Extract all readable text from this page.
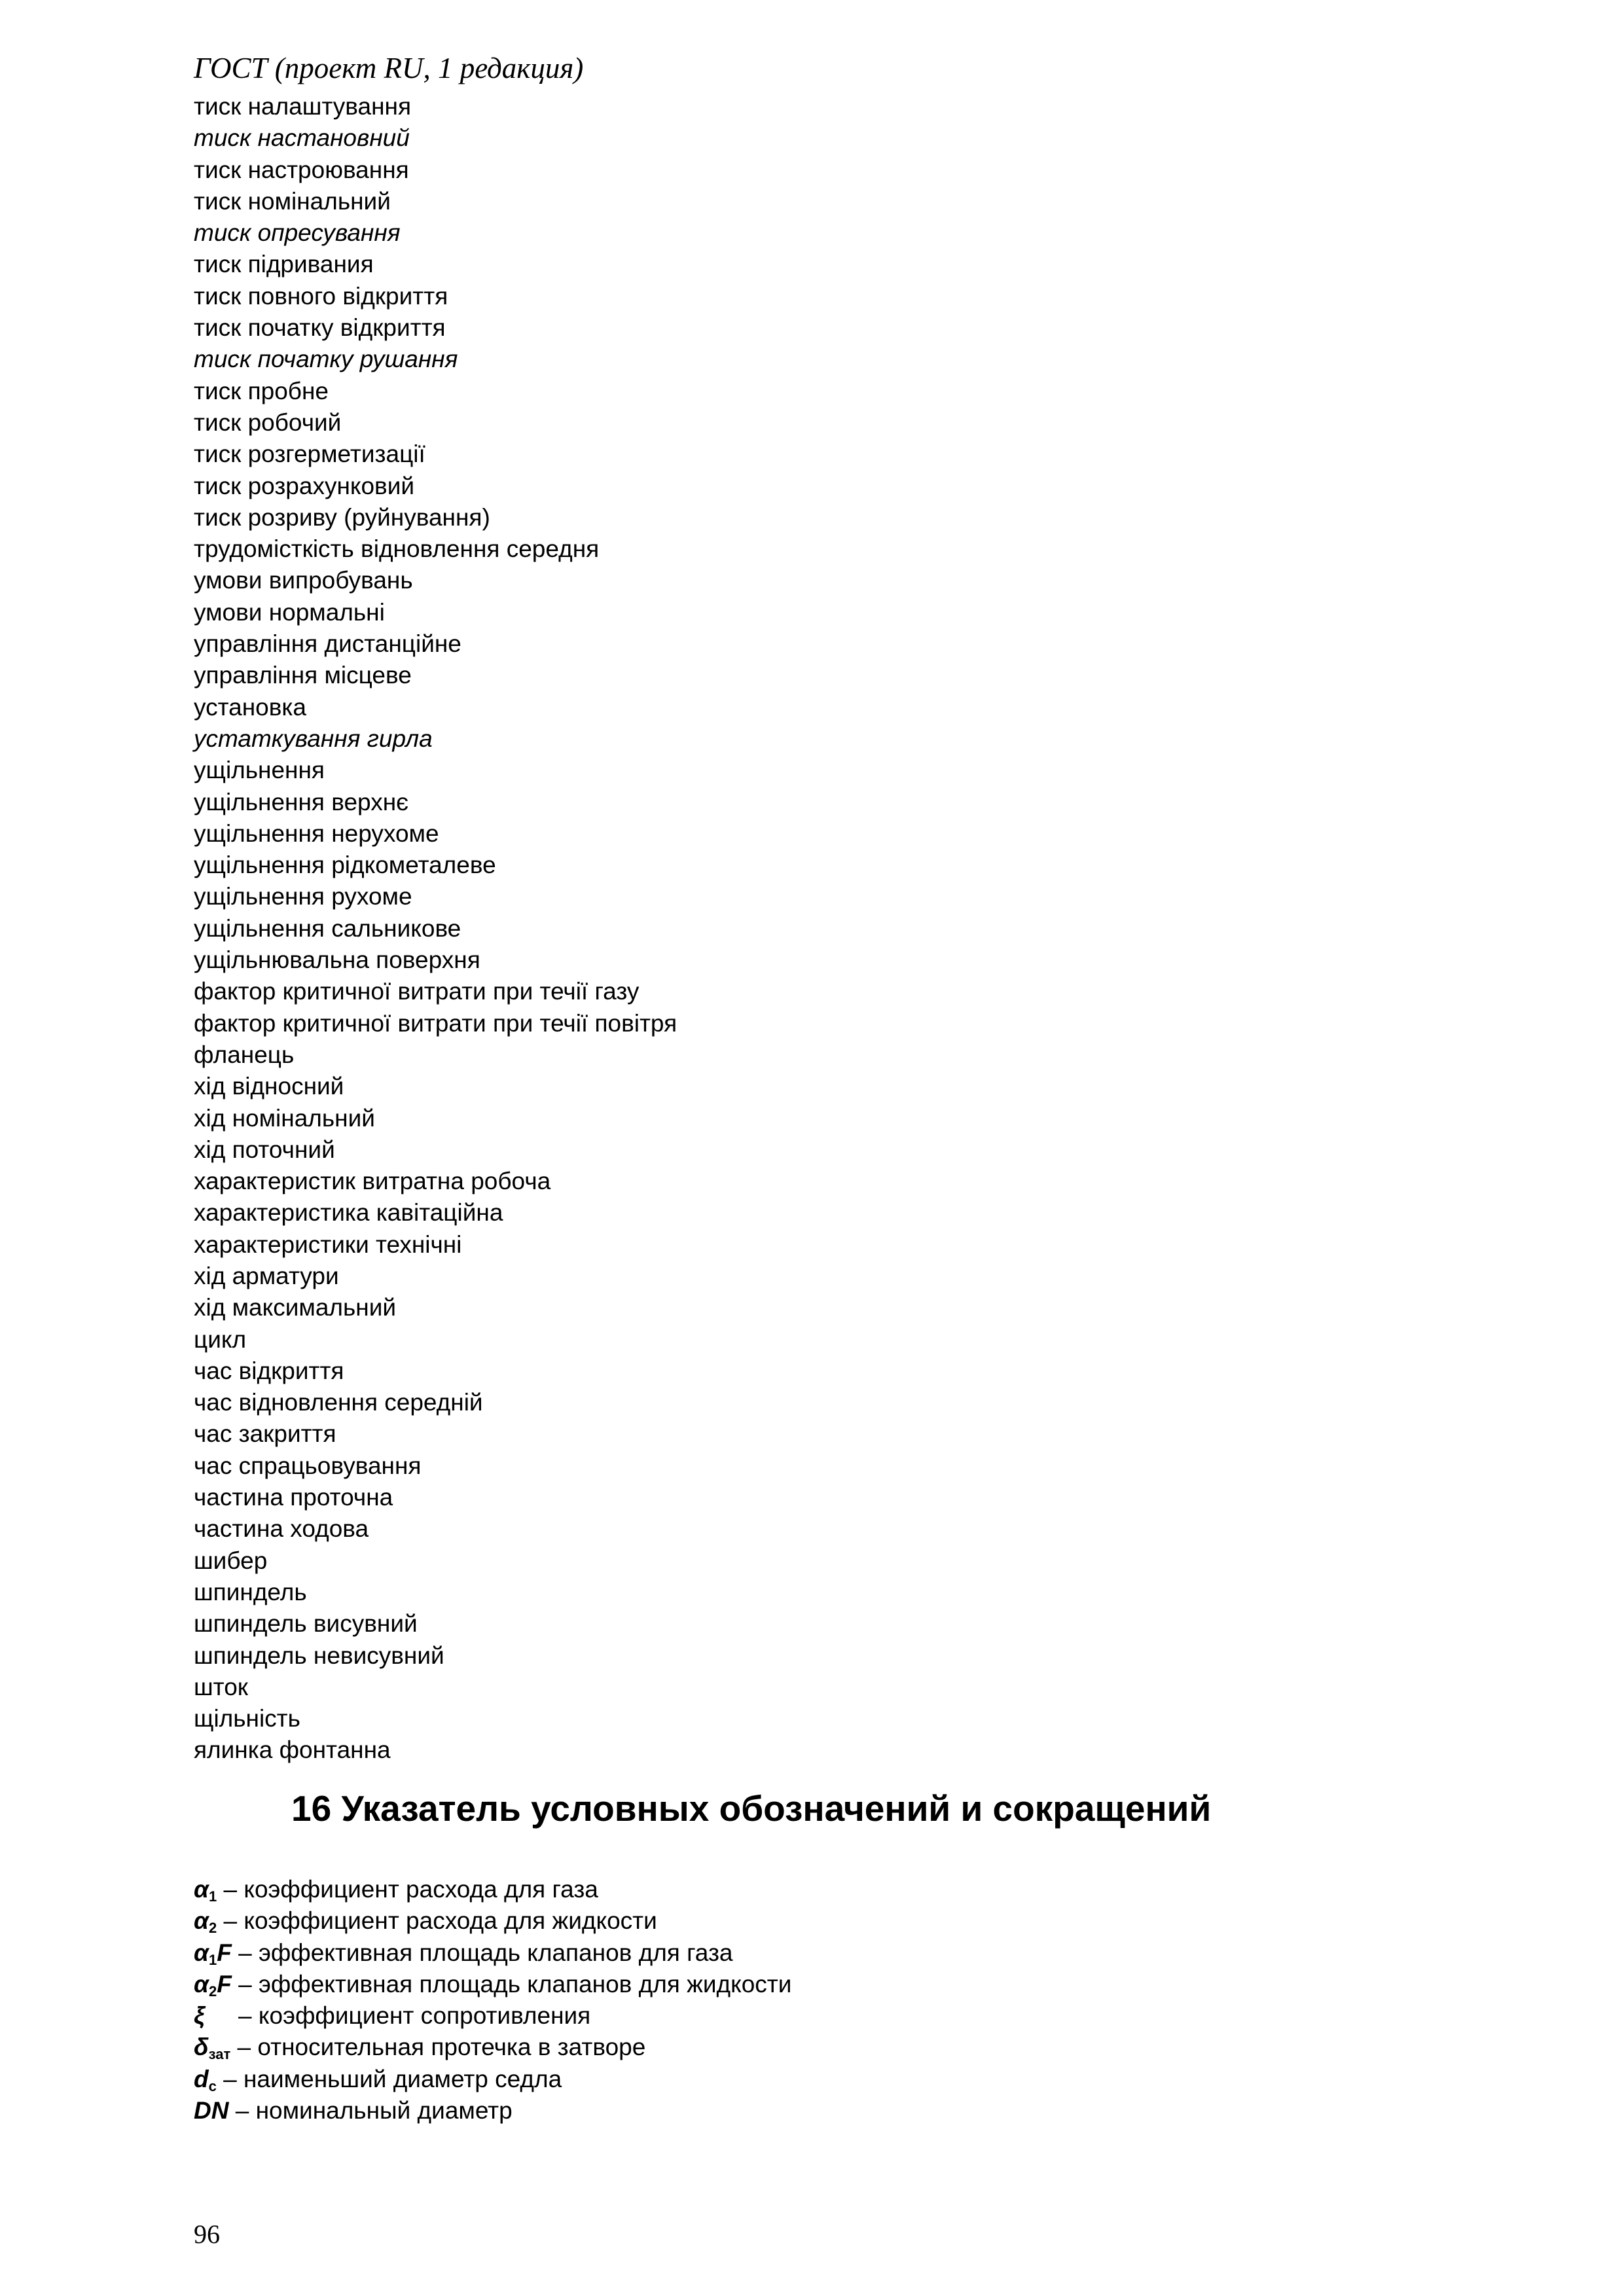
ГОСТ (проект RU, 1 редакция)
тиск налаштування
тиск настановний
тиск настроювання
тиск номінальний
тиск опресування
тиск підривания
тиск повного відкриття
тиск початку відкриття
тиск початку рушання
тиск пробне
тиск робочий
тиск розгерметизації
тиск розрахунковий
тиск розриву (руйнування)
трудомісткість відновлення середня
умови випробувань
умови нормальні
управління дистанційне
управління місцеве
установка
устаткування гирла
ущільнення
ущільнення верхнє
ущільнення нерухоме
ущільнення рідкометалеве
ущільнення рухоме
ущільнення сальникове
ущільнювальна поверхня
фактор критичної витрати при течії газу
фактор критичної витрати при течії повітря
фланець
хід відносний
хід номінальний
хід поточний
характеристик витратна робоча
характеристика кавітаційна
характеристики технічні
хід арматури
хід максимальний
цикл
час відкриття
час відновлення середній
час закриття
час спрацьовування
частина проточна
частина ходова
шибер
шпиндель
шпиндель висувний
шпиндель невисувний
шток
щільність
ялинка фонтанна
16 Указатель условных обозначений и сокращений
$\alpha_1$ – коэффициент расхода для газа
$\alpha_2$ – коэффициент расхода для жидкости
$\alpha_1F$ – эффективная площадь клапанов для газа
$\alpha_2F$ – эффективная площадь клапанов для жидкости
ξ     – коэффициент сопротивления
$\delta_{зат}$ – относительная протечка в затворе
$d_с$ – наименьший диаметр седла
DN – номинальный диаметр
96
